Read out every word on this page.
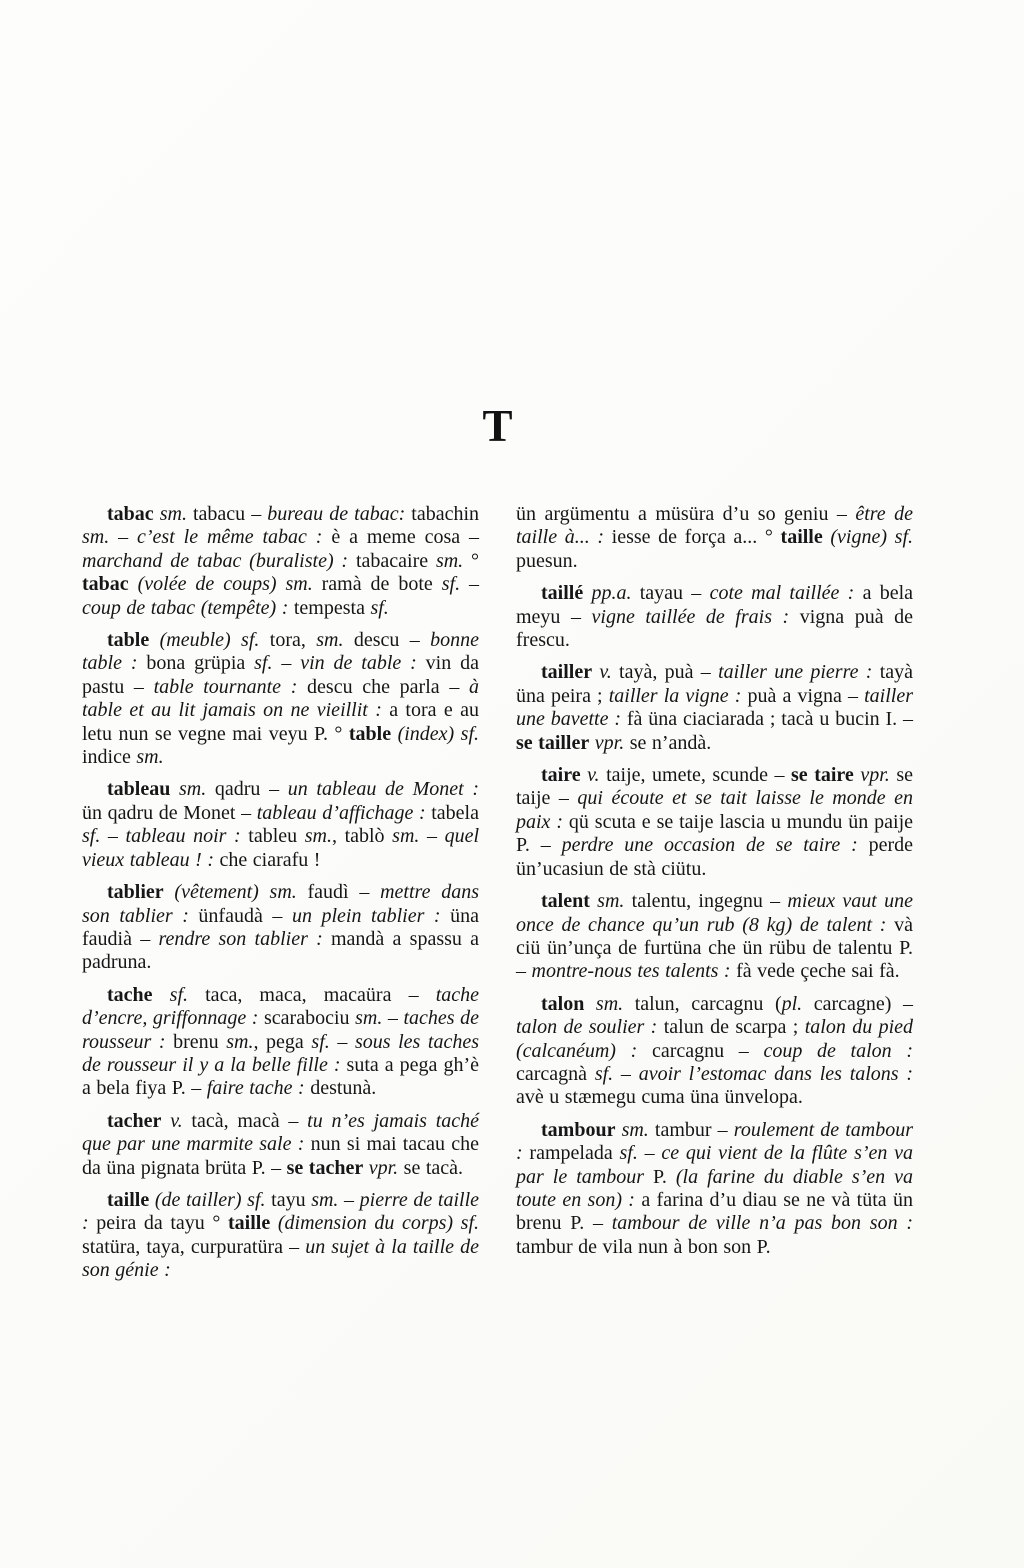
T

tabac sm. tabacu – bureau de tabac: tabachin sm. – c’est le même tabac : è a meme cosa – marchand de tabac (buraliste) : tabacaire sm. ° tabac (volée de coups) sm. ramà de bote sf. – coup de tabac (tempête) : tempesta sf.

table (meuble) sf. tora, sm. descu – bonne table : bona grüpia sf. – vin de table : vin da pastu – table tournante : descu che parla – à table et au lit jamais on ne vieillit : a tora e au letu nun se vegne mai veyu P. ° table (index) sf. indice sm.

tableau sm. qadru – un tableau de Monet : ün qadru de Monet – tableau d’affichage : tabela sf. – tableau noir : tableu sm., tablò sm. – quel vieux tableau ! : che ciarafu !

tablier (vêtement) sm. faudì – mettre dans son tablier : ünfaudà – un plein tablier : üna faudià – rendre son tablier : mandà a spassu a padruna.

tache sf. taca, maca, macaüra – tache d’encre, griffonnage : scarabociu sm. – taches de rousseur : brenu sm., pega sf. – sous les taches de rousseur il y a la belle fille : suta a pega gh’è a bela fiya P. – faire tache : destunà.

tacher v. tacà, macà – tu n’es jamais taché que par une marmite sale : nun si mai tacau che da üna pignata brüta P. – se tacher vpr. se tacà.

taille (de tailler) sf. tayu sm. – pierre de taille : peira da tayu ° taille (dimension du corps) sf. statüra, taya, curpuratüra – un sujet à la taille de son génie :

ün argümentu a müsüra d’u so geniu – être de taille à... : iesse de força a... ° taille (vigne) sf. puesun.

taillé pp.a. tayau – cote mal taillée : a bela meyu – vigne taillée de frais : vigna puà de frescu.

tailler v. tayà, puà – tailler une pierre : tayà üna peira ; tailler la vigne : puà a vigna – tailler une bavette : fà üna ciaciarada ; tacà u bucin I. – se tailler vpr. se n’andà.

taire v. taije, umete, scunde – se taire vpr. se taije – qui écoute et se tait laisse le monde en paix : qü scuta e se taije lascia u mundu ün paije P. – perdre une occasion de se taire : perde ün’ucasiun de stà ciütu.

talent sm. talentu, ingegnu – mieux vaut une once de chance qu’un rub (8 kg) de talent : và ciü ün’unça de furtüna che ün rübu de talentu P. – montre-nous tes talents : fà vede çeche sai fà.

talon sm. talun, carcagnu (pl. carcagne) – talon de soulier : talun de scarpa ; talon du pied (calcanéum) : carcagnu – coup de talon : carcagnà sf. – avoir l’estomac dans les talons : avè u stæmegu cuma üna ünvelopa.

tambour sm. tambur – roulement de tambour : rampelada sf. – ce qui vient de la flûte s’en va par le tambour P. (la farine du diable s’en va toute en son) : a farina d’u diau se ne và tüta ün brenu P. – tambour de ville n’a pas bon son : tambur de vila nun à bon son P.
